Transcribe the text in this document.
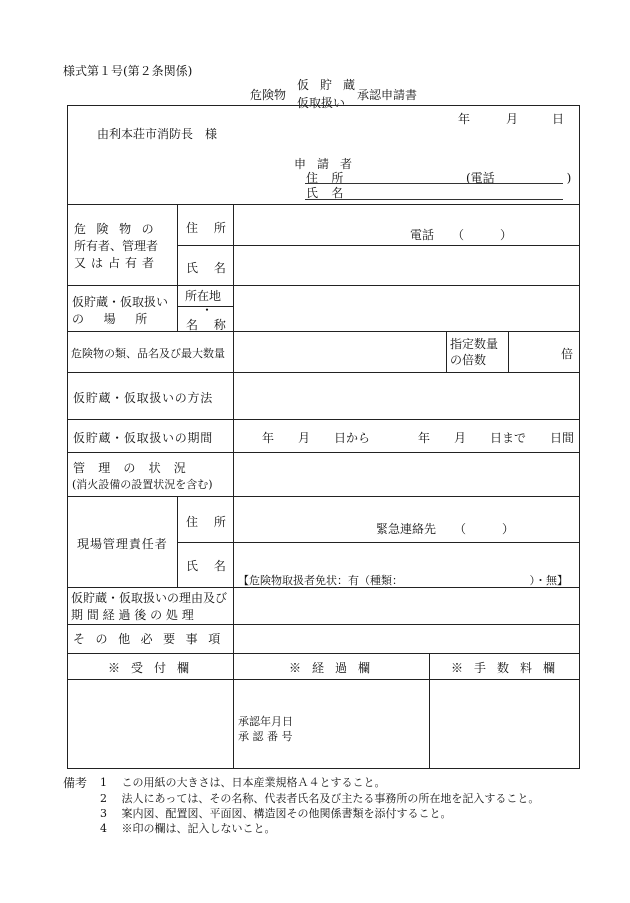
様式第１号(第２条関係)
危険物
仮 貯 蔵
仮取扱い
承認申請書
年	月	日
由利本荘市消防長　様
申 請 者
住 所	(電話　　　　　　)
氏 名
危 険 物 の
所有者、管理者
又 は 占 有 者
住 所	電話　　（　　　）
氏 名
仮貯蔵・仮取扱い
の 　 場 　 所
所在地
・
名 称
危険物の類、品名及び最大数量
指定数量
の倍数	倍
仮貯蔵・仮取扱いの方法
仮貯蔵・仮取扱いの期間	年　　月　　日から　　　　年　　月　　日まで　　日間
管　理　の　状　況
(消火設備の設置状況を含む)
現場管理責任者
住 所	緊急連絡先　　（　　　）
氏 名
【危険物取扱者免状：有（種類：　　　　　　　　　　　　）・無】
仮貯蔵・仮取扱いの理由及び
期 間 経 過 後 の 処 理
そ の 他 必 要 事 項
※ 受 付 欄	※ 経 過 欄	※ 手 数 料 欄
承認年月日
承 認 番 号
備考 1　 この用紙の大きさは、日本産業規格Ａ４とすること。
2　 法人にあっては、その名称、代表者氏名及び主たる事務所の所在地を記入すること。
3　 案内図、配置図、平面図、構造図その他関係書類を添付すること。
4　 ※印の欄は、記入しないこと。
